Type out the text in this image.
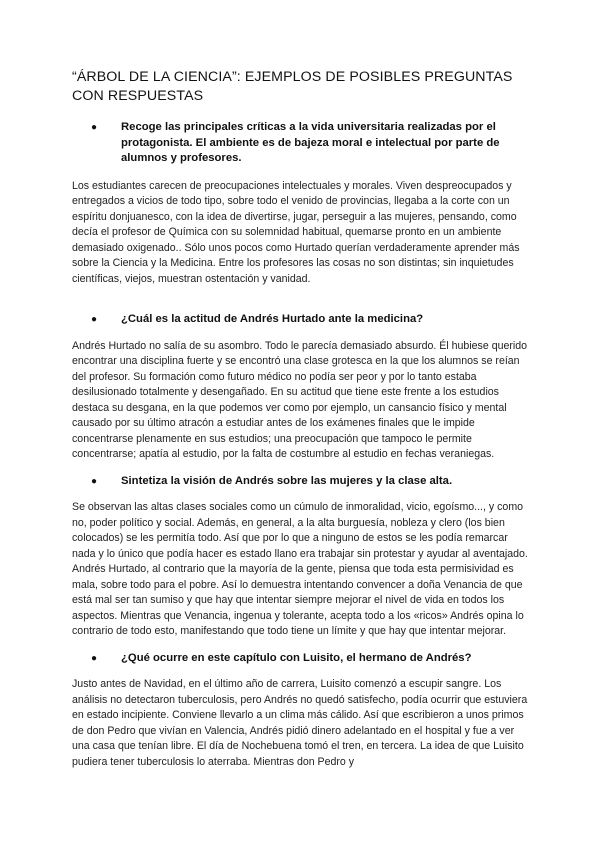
“ÁRBOL DE LA CIENCIA”: EJEMPLOS DE POSIBLES PREGUNTAS CON RESPUESTAS
● Recoge las principales críticas a la vida universitaria realizadas por el protagonista. El ambiente es de bajeza moral e intelectual por parte de alumnos y profesores.

Los estudiantes carecen de preocupaciones intelectuales y morales. Viven despreocupados y entregados a vicios de todo tipo, sobre todo el venido de provincias, llegaba a la corte con un espíritu donjuanesco, con la idea de divertirse, jugar, perseguir a las mujeres, pensando, como decía el profesor de Química con su solemnidad habitual, quemarse pronto en un ambiente demasiado oxigenado.. Sólo unos pocos como Hurtado querían verdaderamente aprender más sobre la Ciencia y la Medicina. Entre los profesores las cosas no son distintas; sin inquietudes científicas, viejos, muestran ostentación y vanidad.

● ¿Cuál es la actitud de Andrés Hurtado ante la medicina?

Andrés Hurtado no salía de su asombro. Todo le parecía demasiado absurdo. Él hubiese querido encontrar una disciplina fuerte y se encontró una clase grotesca en la que los alumnos se reían del profesor. Su formación como futuro médico no podía ser peor y por lo tanto estaba desilusionado totalmente y desengañado. En su actitud que tiene este frente a los estudios destaca su desgana, en la que podemos ver como por ejemplo, un cansancio físico y mental causado por su último atracón a estudiar antes de los exámenes finales que le impide concentrarse plenamente en sus estudios; una preocupación que tampoco le permite concentrarse; apatía al estudio, por la falta de costumbre al estudio en fechas veraniegas.

● Sintetiza la visión de Andrés sobre las mujeres y la clase alta.

Se observan las altas clases sociales como un cúmulo de inmoralidad, vicio, egoísmo..., y como no, poder político y social. Además, en general, a la alta burguesía, nobleza y clero (los bien colocados) se les permitía todo. Así que por lo que a ninguno de estos se les podía remarcar nada y lo único que podía hacer es estado llano era trabajar sin protestar y ayudar al aventajado. Andrés Hurtado, al contrario que la mayoría de la gente, piensa que toda esta permisividad es mala, sobre todo para el pobre. Así lo demuestra intentando convencer a doña Venancia de que está mal ser tan sumiso y que hay que intentar siempre mejorar el nivel de vida en todos los aspectos. Mientras que Venancia, ingenua y tolerante, acepta todo a los «ricos» Andrés opina lo contrario de todo esto, manifestando que todo tiene un límite y que hay que intentar mejorar.

● ¿Qué ocurre en este capítulo con Luisito, el hermano de Andrés?

Justo antes de Navidad, en el último año de carrera, Luisito comenzó a escupir sangre. Los análisis no detectaron tuberculosis, pero Andrés no quedó satisfecho, podía ocurrir que estuviera en estado incipiente. Conviene llevarlo a un clima más cálido. Así que escribieron a unos primos de don Pedro que vivían en Valencia, Andrés pidió dinero adelantado en el hospital y fue a ver una casa que tenían libre. El día de Nochebuena tomó el tren, en tercera. La idea de que Luisito pudiera tener tuberculosis lo aterraba. Mientras don Pedro y
